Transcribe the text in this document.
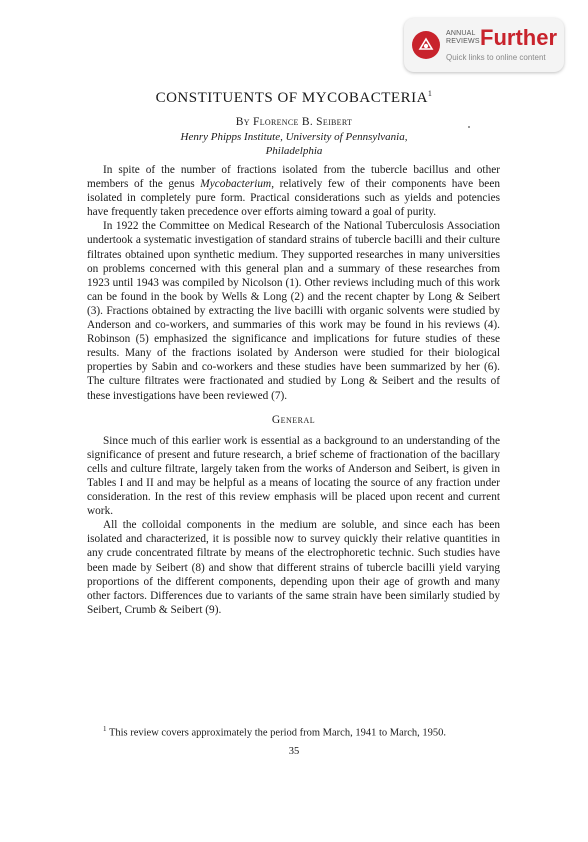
ANNUAL
REVIEWS Further
Quick links to online content
CONSTITUENTS OF MYCOBACTERIA$^1$
By Florence B. Seibert
Henry Phipps Institute, University of Pennsylvania,
Philadelphia

In spite of the number of fractions isolated from the tubercle bacillus and other members of the genus Mycobacterium, relatively few of their components have been isolated in completely pure form. Practical considerations such as yields and potencies have frequently taken precedence over efforts aiming toward a goal of purity.

In 1922 the Committee on Medical Research of the National Tuberculosis Association undertook a systematic investigation of standard strains of tubercle bacilli and their culture filtrates obtained upon synthetic medium. They supported researches in many universities on problems concerned with this general plan and a summary of these researches from 1923 until 1943 was compiled by Nicolson (1). Other reviews including much of this work can be found in the book by Wells & Long (2) and the recent chapter by Long & Seibert (3). Fractions obtained by extracting the live bacilli with organic solvents were studied by Anderson and co-workers, and summaries of this work may be found in his reviews (4). Robinson (5) emphasized the significance and implications for future studies of these results. Many of the fractions isolated by Anderson were studied for their biological properties by Sabin and co-workers and these studies have been summarized by her (6). The culture filtrates were fractionated and studied by Long & Seibert and the results of these investigations have been reviewed (7).

General

Since much of this earlier work is essential as a background to an understanding of the significance of present and future research, a brief scheme of fractionation of the bacillary cells and culture filtrate, largely taken from the works of Anderson and Seibert, is given in Tables I and II and may be helpful as a means of locating the source of any fraction under consideration. In the rest of this review emphasis will be placed upon recent and current work.

All the colloidal components in the medium are soluble, and since each has been isolated and characterized, it is possible now to survey quickly their relative quantities in any crude concentrated filtrate by means of the electrophoretic technic. Such studies have been made by Seibert (8) and show that different strains of tubercle bacilli yield varying proportions of the different components, depending upon their age of growth and many other factors. Differences due to variants of the same strain have been similarly studied by Seibert, Crumb & Seibert (9).

$^1$ This review covers approximately the period from March, 1941 to March, 1950.
35
